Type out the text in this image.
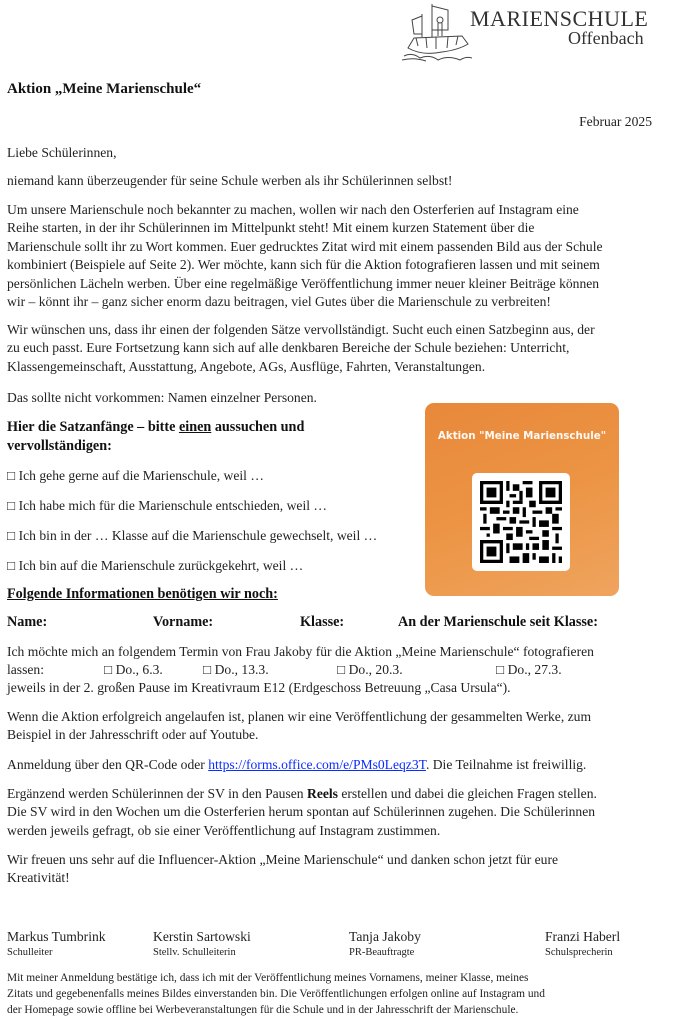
MARIENSCHULE
Offenbach
Aktion „Meine Marienschule“
Februar 2025
Liebe Schülerinnen,
niemand kann überzeugender für seine Schule werben als ihr Schülerinnen selbst!
Um unsere Marienschule noch bekannter zu machen, wollen wir nach den Osterferien auf Instagram eine
Reihe starten, in der ihr Schülerinnen im Mittelpunkt steht! Mit einem kurzen Statement über die
Marienschule sollt ihr zu Wort kommen. Euer gedrucktes Zitat wird mit einem passenden Bild aus der Schule
kombiniert (Beispiele auf Seite 2). Wer möchte, kann sich für die Aktion fotografieren lassen und mit seinem
persönlichen Lächeln werben. Über eine regelmäßige Veröffentlichung immer neuer kleiner Beiträge können
wir – könnt ihr – ganz sicher enorm dazu beitragen, viel Gutes über die Marienschule zu verbreiten!
Wir wünschen uns, dass ihr einen der folgenden Sätze vervollständigt. Sucht euch einen Satzbeginn aus, der
zu euch passt. Eure Fortsetzung kann sich auf alle denkbaren Bereiche der Schule beziehen: Unterricht,
Klassengemeinschaft, Ausstattung, Angebote, AGs, Ausflüge, Fahrten, Veranstaltungen.
Das sollte nicht vorkommen: Namen einzelner Personen.
Hier die Satzanfänge – bitte einen aussuchen und
vervollständigen:
□ Ich gehe gerne auf die Marienschule, weil …
□ Ich habe mich für die Marienschule entschieden, weil …
□ Ich bin in der … Klasse auf die Marienschule gewechselt, weil …
□ Ich bin auf die Marienschule zurückgekehrt, weil …
Aktion "Meine Marienschule"
Folgende Informationen benötigen wir noch:
Name:	Vorname:	Klasse:	An der Marienschule seit Klasse:
Ich möchte mich an folgendem Termin von Frau Jakoby für die Aktion „Meine Marienschule“ fotografieren
lassen:	□ Do., 6.3.	□ Do., 13.3.	□ Do., 20.3.	□ Do., 27.3.
jeweils in der 2. großen Pause im Kreativraum E12 (Erdgeschoss Betreuung „Casa Ursula“).
Wenn die Aktion erfolgreich angelaufen ist, planen wir eine Veröffentlichung der gesammelten Werke, zum
Beispiel in der Jahresschrift oder auf Youtube.
Anmeldung über den QR-Code oder https://forms.office.com/e/PMs0Leqz3T. Die Teilnahme ist freiwillig.
Ergänzend werden Schülerinnen der SV in den Pausen Reels erstellen und dabei die gleichen Fragen stellen.
Die SV wird in den Wochen um die Osterferien herum spontan auf Schülerinnen zugehen. Die Schülerinnen
werden jeweils gefragt, ob sie einer Veröffentlichung auf Instagram zustimmen.
Wir freuen uns sehr auf die Influencer-Aktion „Meine Marienschule“ und danken schon jetzt für eure
Kreativität!
Markus Tumbrink
Schulleiter
Kerstin Sartowski
Stellv. Schulleiterin
Tanja Jakoby
PR-Beauftragte
Franzi Haberl
Schulsprecherin
Mit meiner Anmeldung bestätige ich, dass ich mit der Veröffentlichung meines Vornamens, meiner Klasse, meines
Zitats und gegebenenfalls meines Bildes einverstanden bin. Die Veröffentlichungen erfolgen online auf Instagram und
der Homepage sowie offline bei Werbeveranstaltungen für die Schule und in der Jahresschrift der Marienschule.
